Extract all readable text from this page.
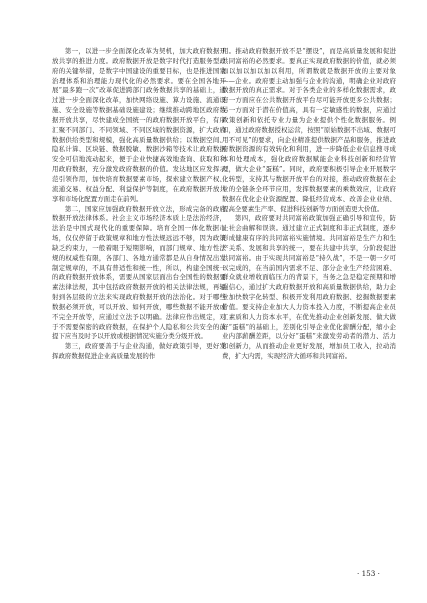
第一，以进一步全面深化改革为契机，加大政府数据开放共享的推进力度。政府数据开放是数字时代打造服务型政府的关键举措，是数字中国建设的重要目标，也是推进国家治理体系和治理能力现代化的必然要求。要在全国各地开展“最多跑一次”改革促进跨部门政务数据共享的基础上，通过进一步全面深化改革，加快网络设施、算力设施、流通设施、安全设施等数据基础设施建设；继续推动跨地区政府数据开放共享，尽快建成全国统一的政府数据开放平台，有序汇聚不同部门、不同领域、不同区域的数据资源，扩大政府数据供给类型和规模，强化高质量数据供给；以数据空间、隐私计算、区块链、数据脱敏、数据沙箱等技术让政府数据安全可信地流动起来，便于企业快捷高效地查询、获取和利用政府数据，充分激发政府数据的价值。发达地区应发挥示范引领作用，加快培育数据要素市场，探索建立数据产权、流通交易、权益分配、利益保护等制度，在政府数据开放共享和市场化配置方面走在前列。

第二，国家应加强政府数据开放立法，形成完备的政府数据开放法律体系。社会主义市场经济本质上是法治经济，法治是中国式现代化的重要保障。培育全国一体化数据市场，仅仅停留于政策规章和地方性法规远远不够，因为政策缺乏约束力，一般着眼于短期影响，而部门规章、地方性法规的权威性有限，各部门、各地方通常都是从自身情况出发制定规章的，不具有普适性和统一性，所以，构建全国统一的政府数据开放体系，需要从国家层面出台全国性的数据要素法律法规，其中包括政府数据开放的相关法律法规，再辐射到各层级的立法来实现政府数据开放的法治化。对于哪些数据必须开放，可以开放、如何开放，哪些数据不能开放或不完全开放等，应通过立法予以明确。法律应作出规定，对于不需要保密的政府数据，在保护个人隐私和公共安全的前提下应当及时予以开放或根据情况实施分类分级开放。

第三，政府要善于与企业沟通，做好政策引导，更好发挥政府数据促进企业高质量发展的作

用。推动政府数据开放不是“摆设”，而是高质量发展和促进共同富裕的必然要求。要真正实现政府数据的价值，就必须加以加以加以加以利用，所谓数就是数据开放的主要对象——企业。政府要主动加强与企业的沟通，明确企业对政府数据开放的真正需求。对于各类企业的多样化数据需求，政府一方面应在公共数据开放平台尽可能开放更多公共数据；另一方面对于潜在价值高，具有一定敏感性的数据，应通过政策创新和依托专业力量为企业提供个性化数据服务。例如，通过政府数据授权运营，按照“原始数据不出域、数据可用不可见”的要求，向企业精准提供数据产品和服务，推进政府数据资源的有效转化和利用，进一步降低企业信息搜寻成本和处理成本，强化政府数据赋能企业科技创新和经营管理，做大企业“蛋糕”。同时，政府要积极引导企业开展数字化转型，支持其与数据开放平台的对接，推动政府数据在企业的全链条全环节应用，发挥数据要素的乘数效应，让政府数据在优化企业资源配置、降低经营成本、改善企业业绩、提高全要素生产率、促进科技创新等方面创造更大价值。

第四，政府要对共同富裕政策加强正确引导和宣传，防止社会曲解和误读。通过建立正式制度和非正式制度，逐步形成健康有序的共同富裕实施情境。共同富裕是生产力和生产关系、发展和共享的统一，要在共建中共享，分阶段促进共同富裕。由于实现共同富裕是“持久战”，不是一朝一夕可以完成的，在当前国内需求不足、部分企业生产经营困难、群众就业增收面临压力的背景下，当务之急是稳定预期和增强信心，通过扩大政府数据开放和高质量数据供给，助力企业加快数字化转型、积极开发利用政府数据、挖掘数据要素价值。要支持企业加大人力资本投入力度，不断提高企业员工素质和人力资本水平，在优先推动企业创新发展、做大做好“蛋糕”的基础上，差别化引导企业优化薪酬分配，缩小企业内部薪酬差距，以分好“蛋糕”来激发劳动者的潜力、活力和创新力，从而推动企业更好发展，增加员工收入，拉动消费，扩大内需，实现经济大循环和共同富裕。

· 153 ·
